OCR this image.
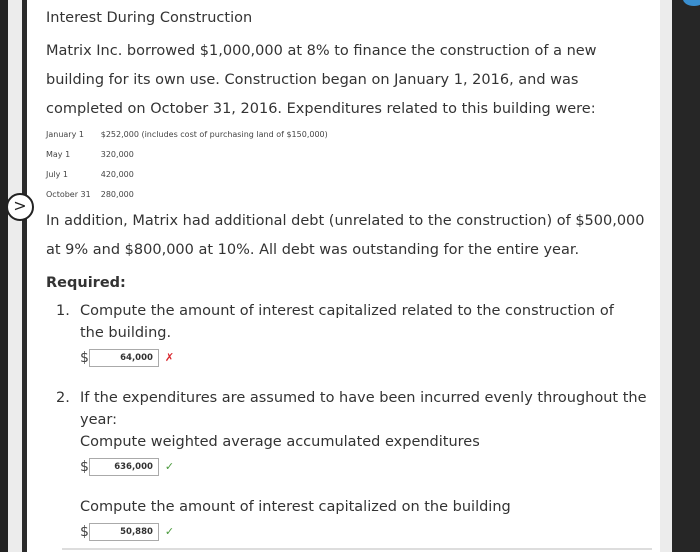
Interest During Construction
Matrix Inc. borrowed $1,000,000 at 8% to finance the construction of a new building for its own use. Construction began on January 1, 2016, and was completed on October 31, 2016. Expenditures related to this building were:
January 1	$252,000 (includes cost of purchasing land of $150,000)
May 1	320,000
July 1	420,000
October 31	280,000
In addition, Matrix had additional debt (unrelated to the construction) of $500,000 at 9% and $800,000 at 10%. All debt was outstanding for the entire year.
Required:
1. Compute the amount of interest capitalized related to the construction of the building.
$	64,000	✗
2. If the expenditures are assumed to have been incurred evenly throughout the year:
Compute weighted average accumulated expenditures
$	636,000	✓
Compute the amount of interest capitalized on the building
$	50,880	✓
>
